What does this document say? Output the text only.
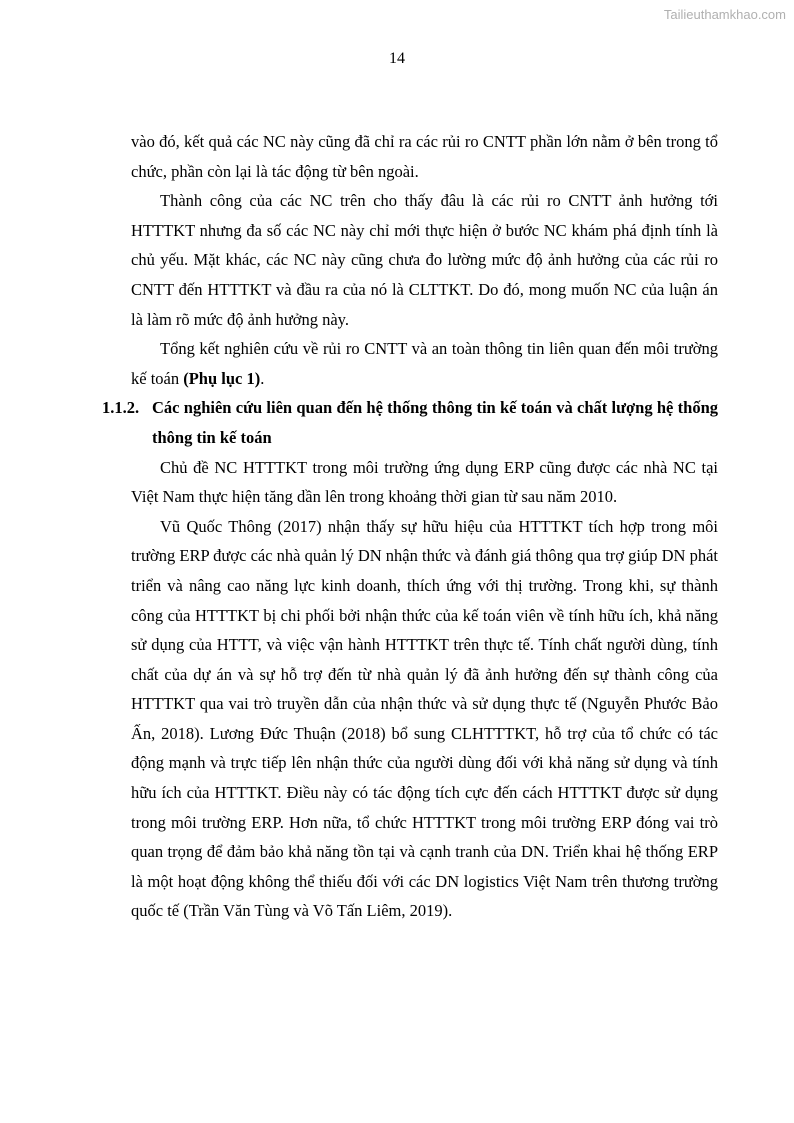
Tailieuthamkhao.com
14

vào đó, kết quả các NC này cũng đã chỉ ra các rủi ro CNTT phần lớn nằm ở bên trong tổ chức, phần còn lại là tác động từ bên ngoài.

Thành công của các NC trên cho thấy đâu là các rủi ro CNTT ảnh hưởng tới HTTTKT nhưng đa số các NC này chỉ mới thực hiện ở bước NC khám phá định tính là chủ yếu. Mặt khác, các NC này cũng chưa đo lường mức độ ảnh hưởng của các rủi ro CNTT đến HTTTKT và đầu ra của nó là CLTTKT. Do đó, mong muốn NC của luận án là làm rõ mức độ ảnh hưởng này.

Tổng kết nghiên cứu về rủi ro CNTT và an toàn thông tin liên quan đến môi trường kế toán (Phụ lục 1).

1.1.2. Các nghiên cứu liên quan đến hệ thống thông tin kế toán và chất lượng hệ thống thông tin kế toán

Chủ đề NC HTTTKT trong môi trường ứng dụng ERP cũng được các nhà NC tại Việt Nam thực hiện tăng dần lên trong khoảng thời gian từ sau năm 2010.

Vũ Quốc Thông (2017) nhận thấy sự hữu hiệu của HTTTKT tích hợp trong môi trường ERP được các nhà quản lý DN nhận thức và đánh giá thông qua trợ giúp DN phát triển và nâng cao năng lực kinh doanh, thích ứng với thị trường. Trong khi, sự thành công của HTTTKT bị chi phối bởi nhận thức của kế toán viên về tính hữu ích, khả năng sử dụng của HTTT, và việc vận hành HTTTKT trên thực tế. Tính chất người dùng, tính chất của dự án và sự hỗ trợ đến từ nhà quản lý đã ảnh hưởng đến sự thành công của HTTTKT qua vai trò truyền dẫn của nhận thức và sử dụng thực tế (Nguyễn Phước Bảo Ấn, 2018). Lương Đức Thuận (2018) bổ sung CLHTTTKT, hỗ trợ của tổ chức có tác động mạnh và trực tiếp lên nhận thức của người dùng đối với khả năng sử dụng và tính hữu ích của HTTTKT. Điều này có tác động tích cực đến cách HTTTKT được sử dụng trong môi trường ERP. Hơn nữa, tổ chức HTTTKT trong môi trường ERP đóng vai trò quan trọng để đảm bảo khả năng tồn tại và cạnh tranh của DN. Triển khai hệ thống ERP là một hoạt động không thể thiếu đối với các DN logistics Việt Nam trên thương trường quốc tế (Trần Văn Tùng và Võ Tấn Liêm, 2019).
